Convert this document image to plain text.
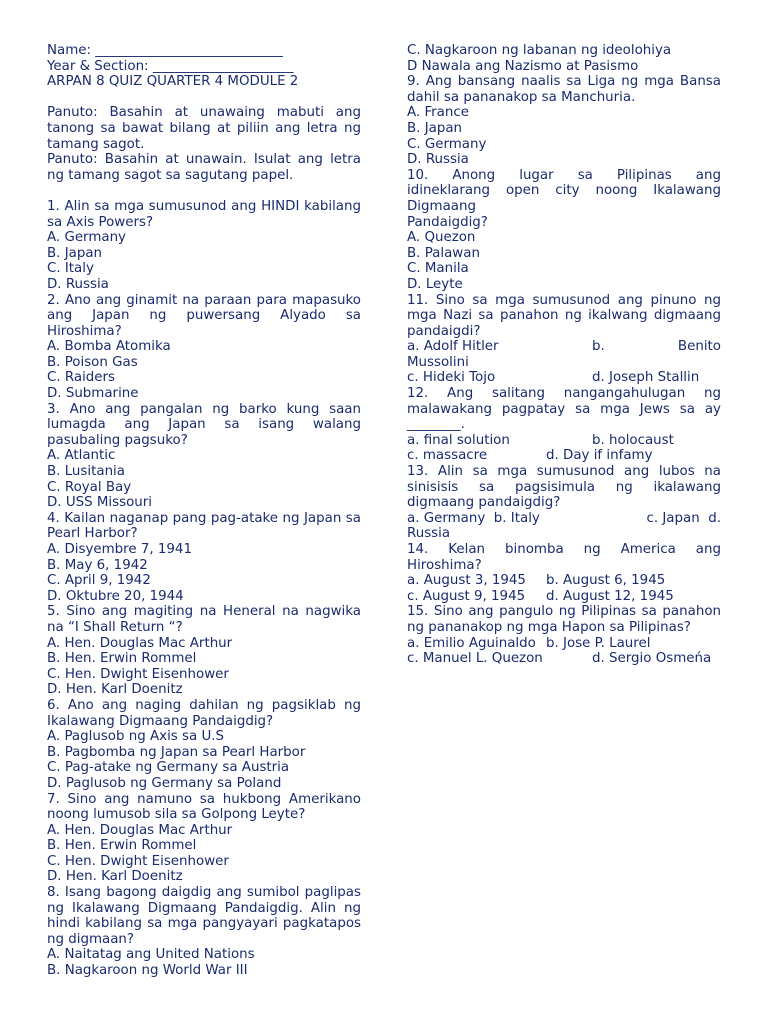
Name: ____________________________
Year & Section: _____________________
ARPAN 8 QUIZ QUARTER 4 MODULE 2

Panuto: Basahin at unawaing mabuti ang tanong sa bawat bilang at piliin ang letra ng tamang sagot.

Panuto: Basahin at unawain. Isulat ang letra ng tamang sagot sa sagutang papel.

1. Alin sa mga sumusunod ang HINDI kabilang sa Axis Powers?

A. Germany
B. Japan
C. Italy
D. Russia

2. Ano ang ginamit na paraan para mapasuko ang Japan ng puwersang Alyado sa Hiroshima?

A. Bomba Atomika
B. Poison Gas
C. Raiders
D. Submarine

3. Ano ang pangalan ng barko kung saan lumagda ang Japan sa isang walang pasubaling pagsuko?

A. Atlantic
B. Lusitania
C. Royal Bay
D. USS Missouri

4. Kailan naganap pang pag-atake ng Japan sa Pearl Harbor?

A. Disyembre 7, 1941
B. May 6, 1942
C. April 9, 1942
D. Oktubre 20, 1944

5. Sino ang magiting na Heneral na nagwika na “I Shall Return “?

A. Hen. Douglas Mac Arthur
B. Hen. Erwin Rommel
C. Hen. Dwight Eisenhower
D. Hen. Karl Doenitz

6. Ano ang naging dahilan ng pagsiklab ng Ikalawang Digmaang Pandaigdig?

A. Paglusob ng Axis sa U.S
B. Pagbomba ng Japan sa Pearl Harbor
C. Pag-atake ng Germany sa Austria
D. Paglusob ng Germany sa Poland

7. Sino ang namuno sa hukbong Amerikano noong lumusob sila sa Golpong Leyte?

A. Hen. Douglas Mac Arthur
B. Hen. Erwin Rommel
C. Hen. Dwight Eisenhower
D. Hen. Karl Doenitz

8. Isang bagong daigdig ang sumibol paglipas ng Ikalawang Digmaang Pandaigdig. Alin ng hindi kabilang sa mga pangyayari pagkatapos ng digmaan?

A. Naitatag ang United Nations
B. Nagkaroon ng World War III
C. Nagkaroon ng labanan ng ideolohiya
D Nawala ang Nazismo at Pasismo

9. Ang bansang naalis sa Liga ng mga Bansa dahil sa pananakop sa Manchuria.

A. France
B. Japan
C. Germany
D. Russia
10. Anong lugar sa Pilipinas ang
idineklarang open city noong Ikalawang
Digmaang
Pandaigdig?
A. Quezon
B. Palawan
C. Manila
D. Leyte

11. Sino sa mga sumusunod ang pinuno ng mga Nazi sa panahon ng ikalwang digmaang pandaigdi?

a. Adolf Hitler	b.	Benito
Mussolini
c. Hideki Tojo	d. Joseph Stallin

12. Ang salitang nangangahulugan ng malawakang pagpatay sa mga Jews sa ay ________.

a. final solution	b. holocaust
c. massacre	d. Day if infamy

13. Alin sa mga sumusunod ang lubos na sinisisis sa pagsisimula ng ikalawang digmaang pandaigdig?

a. Germany b. Italy	c. Japan d.
Russia

14. Kelan binomba ng America ang Hiroshima?

a. August 3, 1945	b. August 6, 1945
c. August 9, 1945	d. August 12, 1945

15. Sino ang pangulo ng Pilipinas sa panahon ng pananakop ng mga Hapon sa Pilipinas?

a. Emilio Aguinaldo b. Jose P. Laurel
c. Manuel L. Quezon	d. Sergio Osmeńa
